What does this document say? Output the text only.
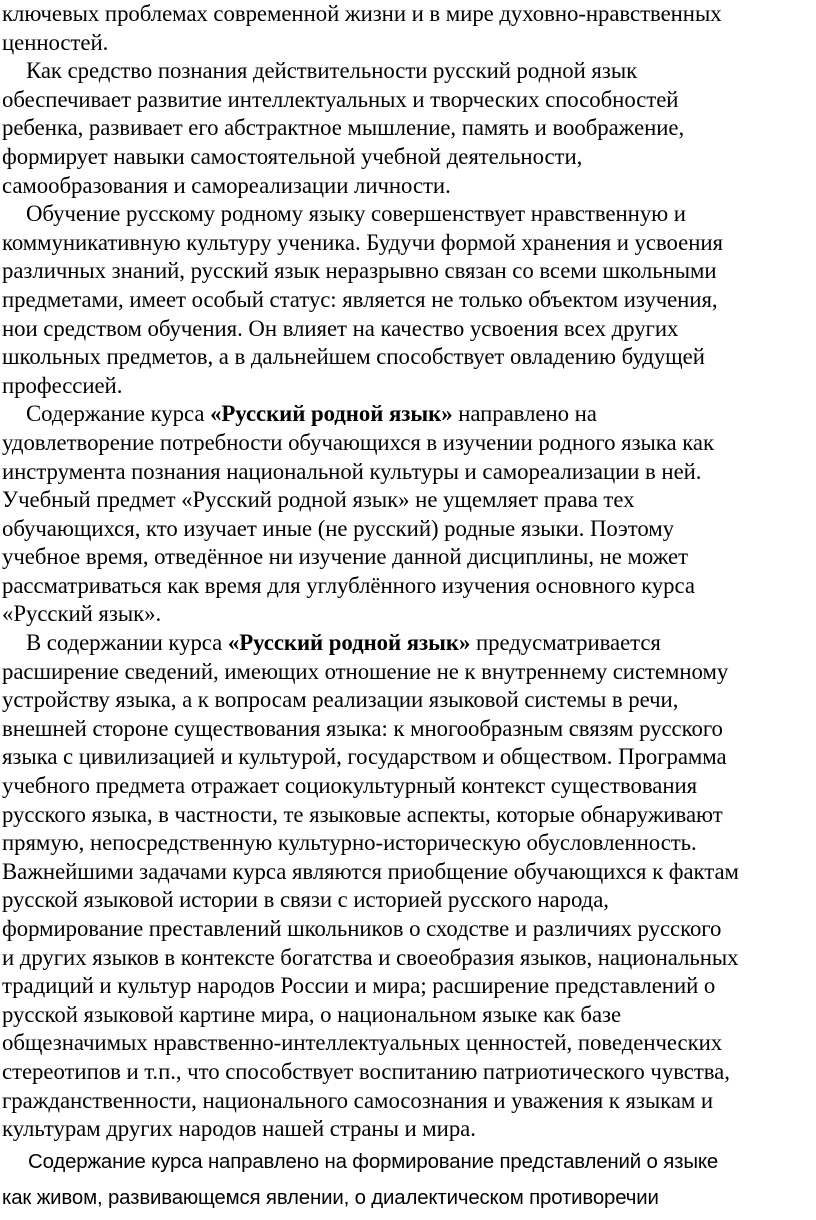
ключевых проблемах современной жизни и в мире духовно-нравственных
ценностей.

Как средство познания действительности русский родной язык
обеспечивает развитие интеллектуальных и творческих способностей
ребенка, развивает его абстрактное мышление, память и воображение,
формирует навыки самостоятельной учебной деятельности,
самообразования и самореализации личности.

Обучение русскому родному языку совершенствует нравственную и
коммуникативную культуру ученика. Будучи формой хранения и усвоения
различных знаний, русский язык неразрывно связан со всеми школьными
предметами, имеет особый статус: является не только объектом изучения,
нои средством обучения. Он влияет на качество усвоения всех других
школьных предметов, а в дальнейшем способствует овладению будущей
профессией.

Содержание курса «Русский родной язык» направлено на
удовлетворение потребности обучающихся в изучении родного языка как
инструмента познания национальной культуры и самореализации в ней.
Учебный предмет «Русский родной язык» не ущемляет права тех
обучающихся, кто изучает иные (не русский) родные языки. Поэтому
учебное время, отведённое ни изучение данной дисциплины, не может
рассматриваться как время для углублённого изучения основного курса
«Русский язык».

В содержании курса «Русский родной язык» предусматривается
расширение сведений, имеющих отношение не к внутреннему системному
устройству языка, а к вопросам реализации языковой системы в речи,
внешней стороне существования языка: к многообразным связям русского
языка с цивилизацией и культурой, государством и обществом. Программа
учебного предмета отражает социокультурный контекст существования
русского языка, в частности, те языковые аспекты, которые обнаруживают
прямую, непосредственную культурно-историческую обусловленность.
Важнейшими задачами курса являются приобщение обучающихся к фактам
русской языковой истории в связи с историей русского народа,
формирование преставлений школьников о сходстве и различиях русского
и других языков в контексте богатства и своеобразия языков, национальных
традиций и культур народов России и мира; расширение представлений о
русской языковой картине мира, о национальном языке как базе
общезначимых нравственно-интеллектуальных ценностей, поведенческих
стереотипов и т.п., что способствует воспитанию патриотического чувства,
гражданственности, национального самосознания и уважения к языкам и
культурам других народов нашей страны и мира.

Содержание курса направлено на формирование представлений о языке
как живом, развивающемся явлении, о диалектическом противоречии
